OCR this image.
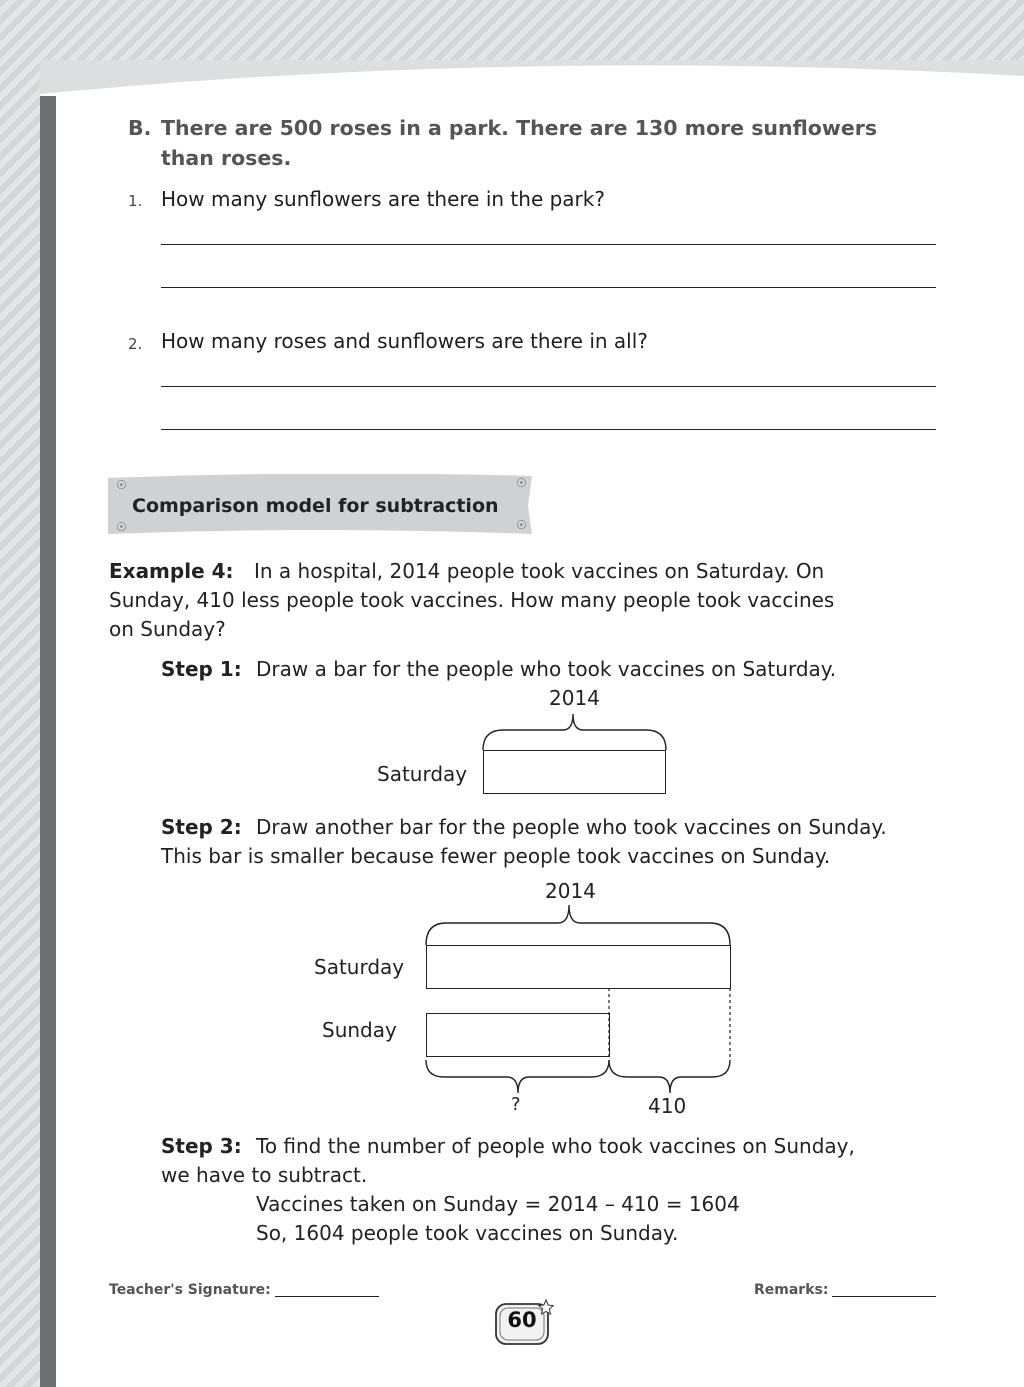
B. There are 500 roses in a park. There are 130 more sunflowers
than roses.
1. How many sunflowers are there in the park?
2. How many roses and sunflowers are there in all?
☉
☉
☉
☉
Comparison model for subtraction
Example 4: In a hospital, 2014 people took vaccines on Saturday. On
Sunday, 410 less people took vaccines. How many people took vaccines
on Sunday?
Step 1: Draw a bar for the people who took vaccines on Saturday.
2014
Saturday
Step 2: Draw another bar for the people who took vaccines on Sunday.
This bar is smaller because fewer people took vaccines on Sunday.
2014
Saturday
Sunday
?	410
Step 3: To find the number of people who took vaccines on Sunday,
we have to subtract.
Vaccines taken on Sunday = 2014 – 410 = 1604
So, 1604 people took vaccines on Sunday.
Teacher's Signature:	Remarks:
60
